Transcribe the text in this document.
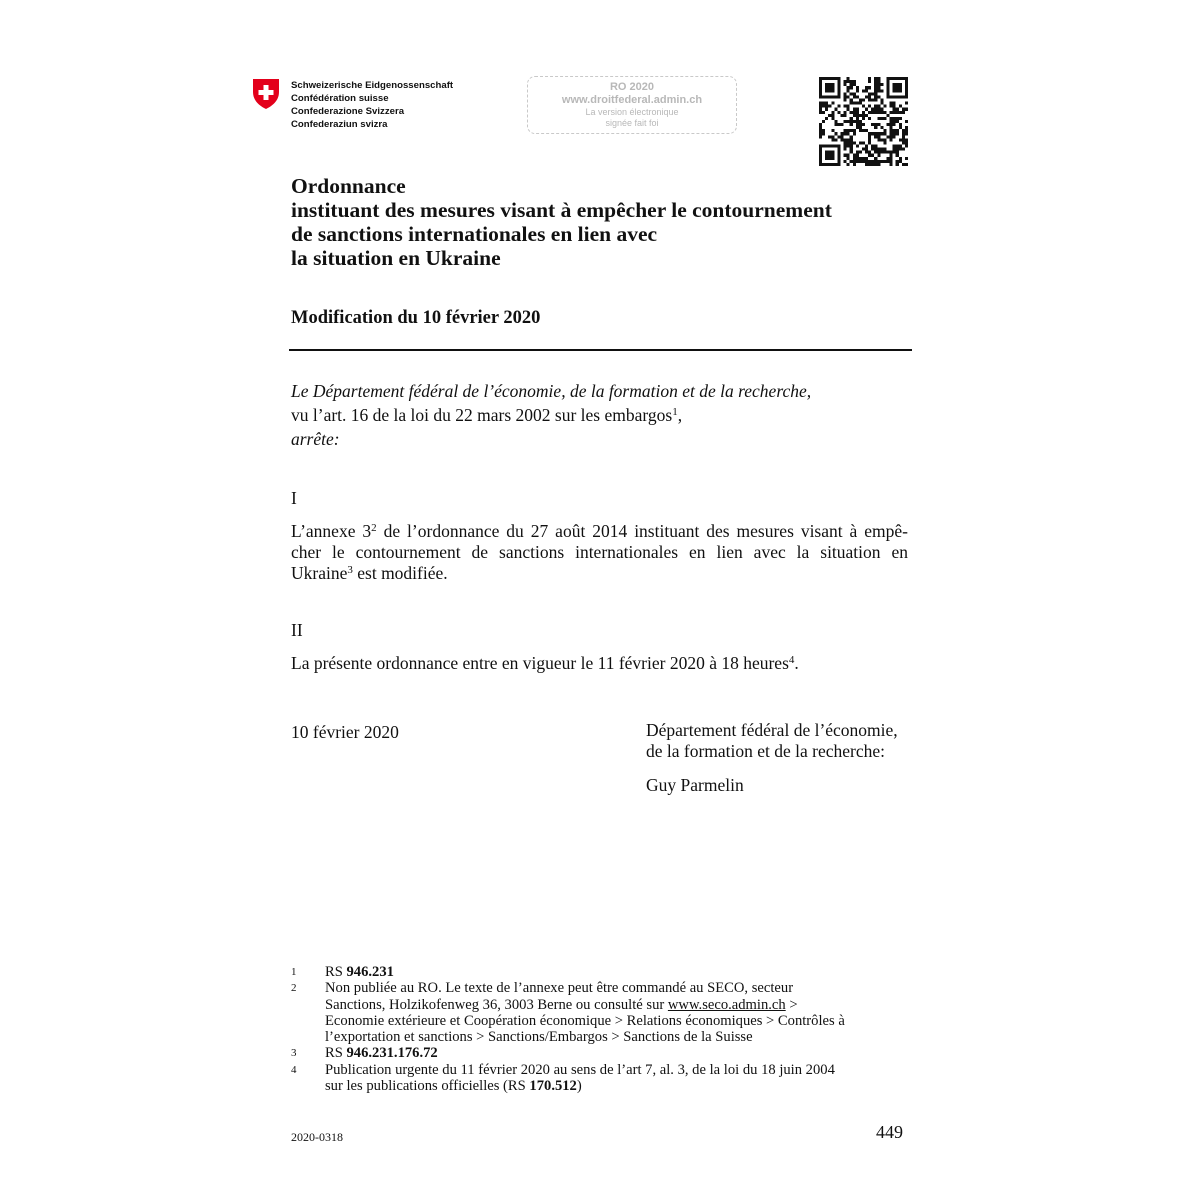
Schweizerische Eidgenossenschaft
Confédération suisse
Confederazione Svizzera
Confederaziun svizra
RO 2020
www.droitfederal.admin.ch
La version électronique
signée fait foi
Ordonnance
instituant des mesures visant à empêcher le contournement
de sanctions internationales en lien avec
la situation en Ukraine
Modification du 10 février 2020
Le Département fédéral de l’économie, de la formation et de la recherche,
vu l’art. 16 de la loi du 22 mars 2002 sur les embargos$^1$,
arrête:
I
L’annexe $3^2$ de l’ordonnance du 27 août 2014 instituant des mesures visant à empê-
cher le contournement de sanctions internationales en lien avec la situation en
Ukraine$^3$ est modifiée.
II
La présente ordonnance entre en vigueur le 11 février 2020 à 18 heures$^4$.
10 février 2020	Département fédéral de l’économie,
de la formation et de la recherche:
Guy Parmelin
1	RS 946.231
2	Non publiée au RO. Le texte de l’annexe peut être commandé au SECO, secteur
Sanctions, Holzikofenweg 36, 3003 Berne ou consulté sur www.seco.admin.ch >
Economie extérieure et Coopération économique > Relations économiques > Contrôles à
l’exportation et sanctions > Sanctions/Embargos > Sanctions de la Suisse
3	RS 946.231.176.72
4	Publication urgente du 11 février 2020 au sens de l’art 7, al. 3, de la loi du 18 juin 2004
sur les publications officielles (RS 170.512)
2020-0318	449
